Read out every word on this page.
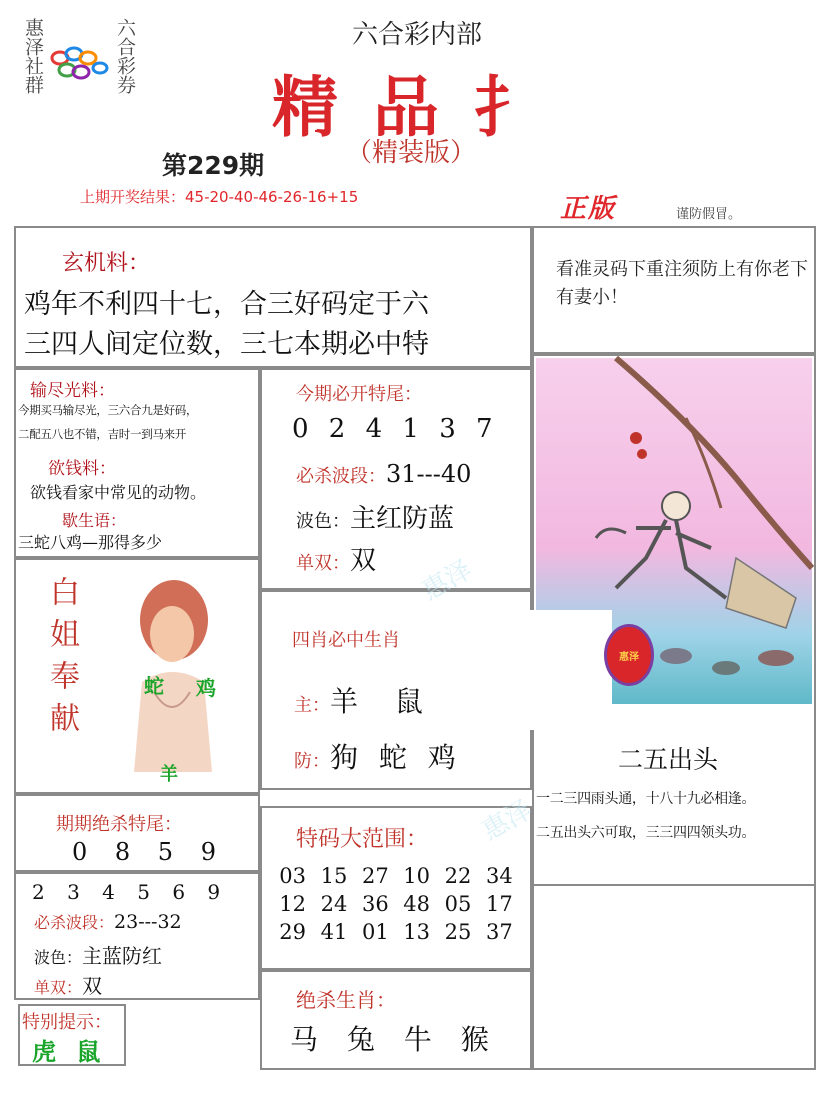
惠泽社群	六合彩券	六合彩内部
精 品 扌
（精装版）
第229期
上期开奖结果：45-20-40-46-26-16+15	正版	谨防假冒。
看准灵码下重注须防上有你老下有妻小！
玄机料：
鸡年不利四十七，合三好码定于六
三四人间定位数，三七本期必中特
输尽光料：
今期买马输尽光，三六合九是好码，
二配五八也不错，吉时一到马来开
欲钱料：
欲钱看家中常见的动物。
歇生语：
三蛇八鸡—那得多少
今期必开特尾：
0 2 4 1 3 7
必杀波段：31---40
波色：主红防蓝
单双：双
白姐奉献	蛇 鸡
羊
四肖必中生肖
主：羊 鼠
防：狗 蛇 鸡
惠泽
二五出头
一二三四雨头通，十八十九必相逢。
二五出头六可取，三三四四领头功。
期期绝杀特尾：
0 8 5 9	特码大范围：
03 15 27 10 22 34
12 24 36 48 05 17
29 41 01 13 25 37
2 3 4 5 6 9
必杀波段：23---32
波色：主蓝防红
单双：双
绝杀生肖：
马 兔 牛 猴
特别提示：
虎 鼠
惠泽
惠泽
